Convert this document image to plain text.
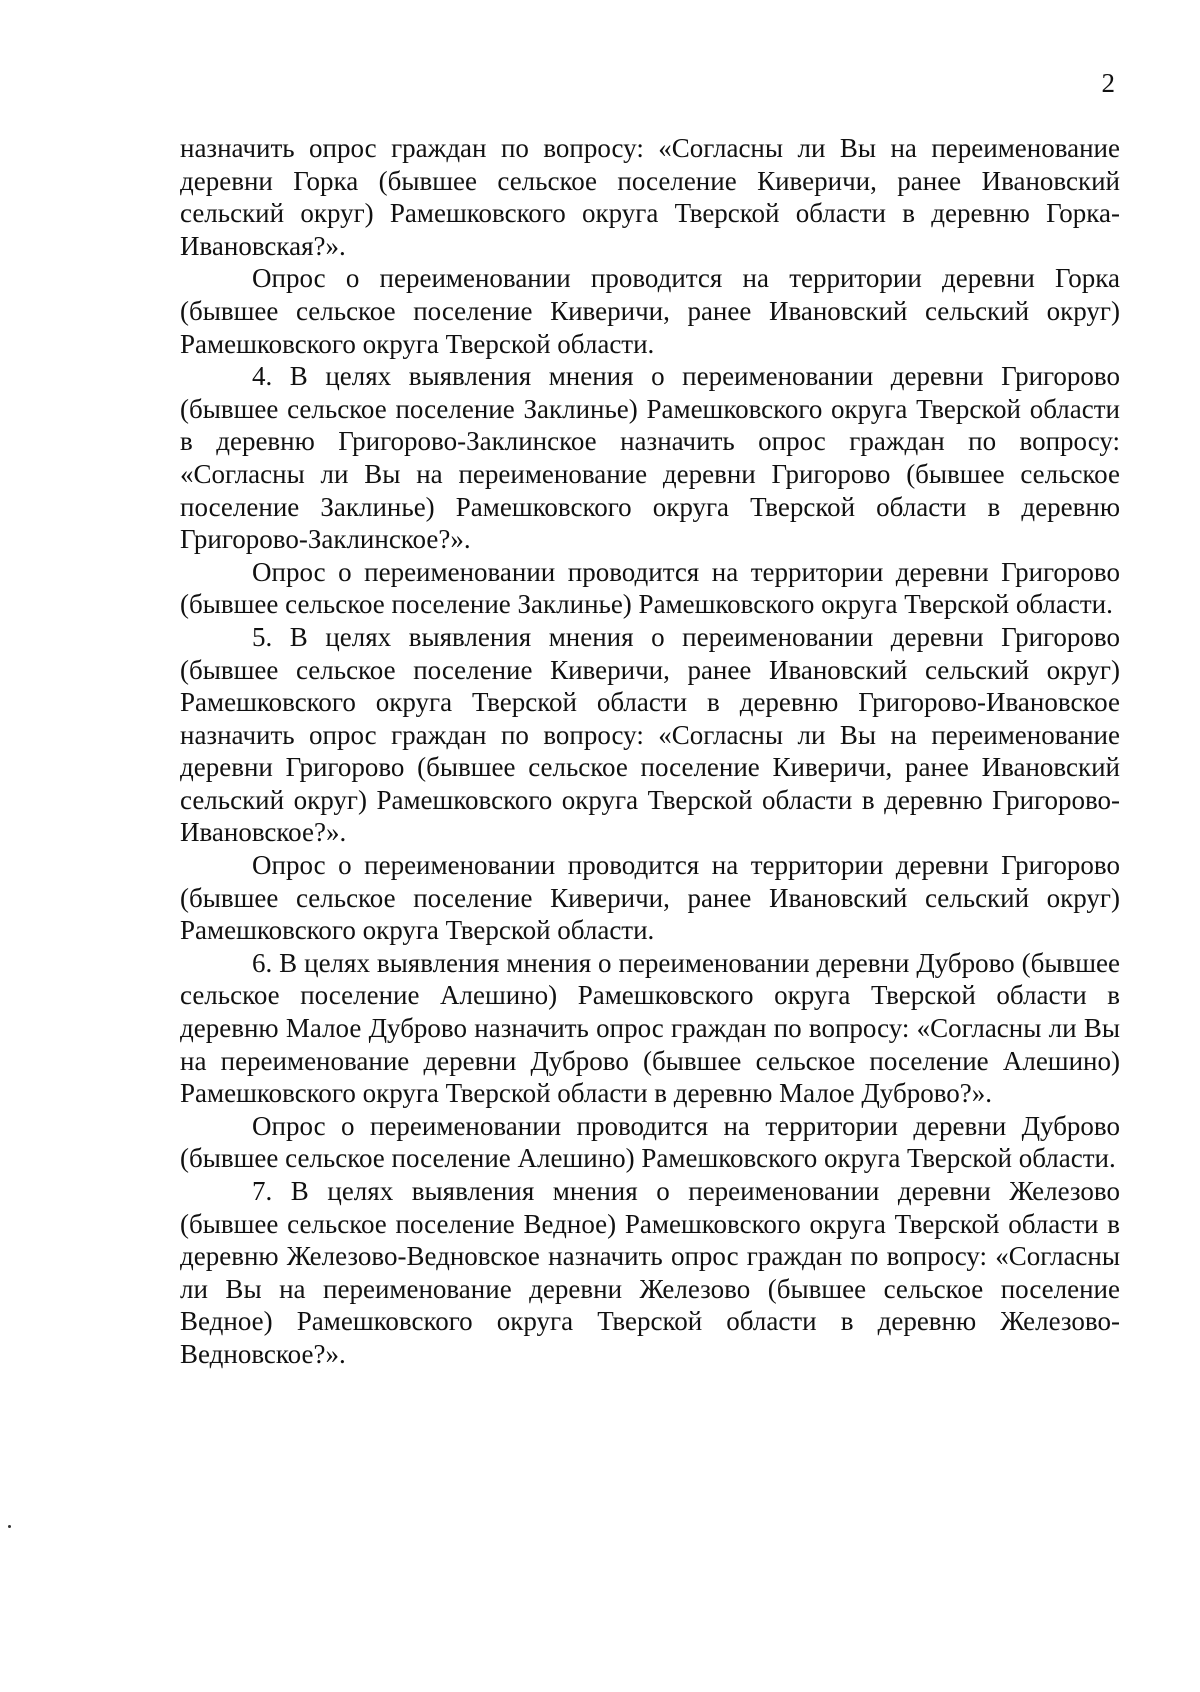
2

назначить опрос граждан по вопросу: «Согласны ли Вы на переименование деревни Горка (бывшее сельское поселение Киверичи, ранее Ивановский сельский округ) Рамешковского округа Тверской области в деревню Горка-Ивановская?».

Опрос о переименовании проводится на территории деревни Горка (бывшее сельское поселение Киверичи, ранее Ивановский сельский округ) Рамешковского округа Тверской области.

4. В целях выявления мнения о переименовании деревни Григорово (бывшее сельское поселение Заклинье) Рамешковского округа Тверской области в деревню Григорово-Заклинское назначить опрос граждан по вопросу: «Согласны ли Вы на переименование деревни Григорово (бывшее сельское поселение Заклинье) Рамешковского округа Тверской области в деревню Григорово-Заклинское?».

Опрос о переименовании проводится на территории деревни Григорово (бывшее сельское поселение Заклинье) Рамешковского округа Тверской области.

5. В целях выявления мнения о переименовании деревни Григорово (бывшее сельское поселение Киверичи, ранее Ивановский сельский округ) Рамешковского округа Тверской области в деревню Григорово-Ивановское назначить опрос граждан по вопросу: «Согласны ли Вы на переименование деревни Григорово (бывшее сельское поселение Киверичи, ранее Ивановский сельский округ) Рамешковского округа Тверской области в деревню Григорово-Ивановское?».

Опрос о переименовании проводится на территории деревни Григорово (бывшее сельское поселение Киверичи, ранее Ивановский сельский округ) Рамешковского округа Тверской области.

6. В целях выявления мнения о переименовании деревни Дуброво (бывшее сельское поселение Алешино) Рамешковского округа Тверской области в деревню Малое Дуброво назначить опрос граждан по вопросу: «Согласны ли Вы на переименование деревни Дуброво (бывшее сельское поселение Алешино) Рамешковского округа Тверской области в деревню Малое Дуброво?».

Опрос о переименовании проводится на территории деревни Дуброво (бывшее сельское поселение Алешино) Рамешковского округа Тверской области.

7. В целях выявления мнения о переименовании деревни Железово (бывшее сельское поселение Ведное) Рамешковского округа Тверской области в деревню Железово-Ведновское назначить опрос граждан по вопросу: «Согласны ли Вы на переименование деревни Железово (бывшее сельское поселение Ведное) Рамешковского округа Тверской области в деревню Железово-Ведновское?».
